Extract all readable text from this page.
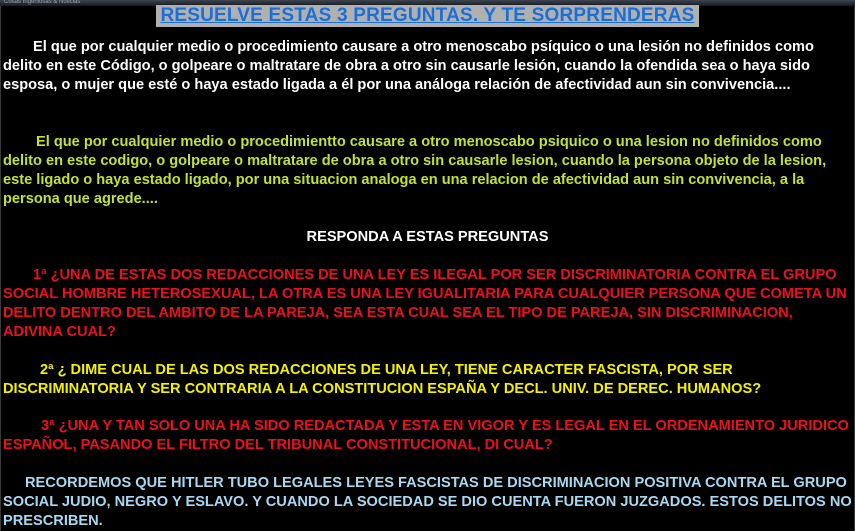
Cosas Ingeniosas & Noticias
RESUELVE ESTAS 3 PREGUNTAS. Y TE SORPRENDERAS

El que por cualquier medio o procedimiento causare a otro menoscabo psíquico o una lesión no definidos como delito en este Código, o golpeare o maltratare de obra a otro sin causarle lesión, cuando la ofendida sea o haya sido esposa, o mujer que esté o haya estado ligada a él por una análoga relación de afectividad aun sin convivencia....

El que por cualquier medio o procedimientto causare a otro menoscabo psiquico o una lesion no definidos como delito en este codigo, o golpeare o maltratare de obra a otro sin causarle lesion, cuando la persona objeto de la lesion, este ligado o haya estado ligado, por una situacion analoga en una relacion de afectividad aun sin convivencia, a la persona que agrede....

RESPONDA A ESTAS PREGUNTAS

1ª ¿UNA DE ESTAS DOS REDACCIONES DE UNA LEY ES ILEGAL POR SER DISCRIMINATORIA CONTRA EL GRUPO SOCIAL HOMBRE HETEROSEXUAL, LA OTRA ES UNA LEY IGUALITARIA PARA CUALQUIER PERSONA QUE COMETA UN DELITO DENTRO DEL AMBITO DE LA PAREJA, SEA ESTA CUAL SEA EL TIPO DE PAREJA, SIN DISCRIMINACION, ADIVINA CUAL?

2ª ¿ DIME CUAL DE LAS DOS REDACCIONES DE UNA LEY, TIENE CARACTER FASCISTA, POR SER DISCRIMINATORIA Y SER CONTRARIA A LA CONSTITUCION ESPAÑA Y DECL. UNIV. DE DEREC. HUMANOS?

3ª ¿UNA Y TAN SOLO UNA HA SIDO REDACTADA Y ESTA EN VIGOR Y ES LEGAL EN EL ORDENAMIENTO JURIDICO ESPAÑOL, PASANDO EL FILTRO DEL TRIBUNAL CONSTITUCIONAL, DI CUAL?

RECORDEMOS QUE HITLER TUBO LEGALES LEYES FASCISTAS DE DISCRIMINACION POSITIVA CONTRA EL GRUPO SOCIAL JUDIO, NEGRO Y ESLAVO. Y CUANDO LA SOCIEDAD SE DIO CUENTA FUERON JUZGADOS. ESTOS DELITOS NO PRESCRIBEN.
